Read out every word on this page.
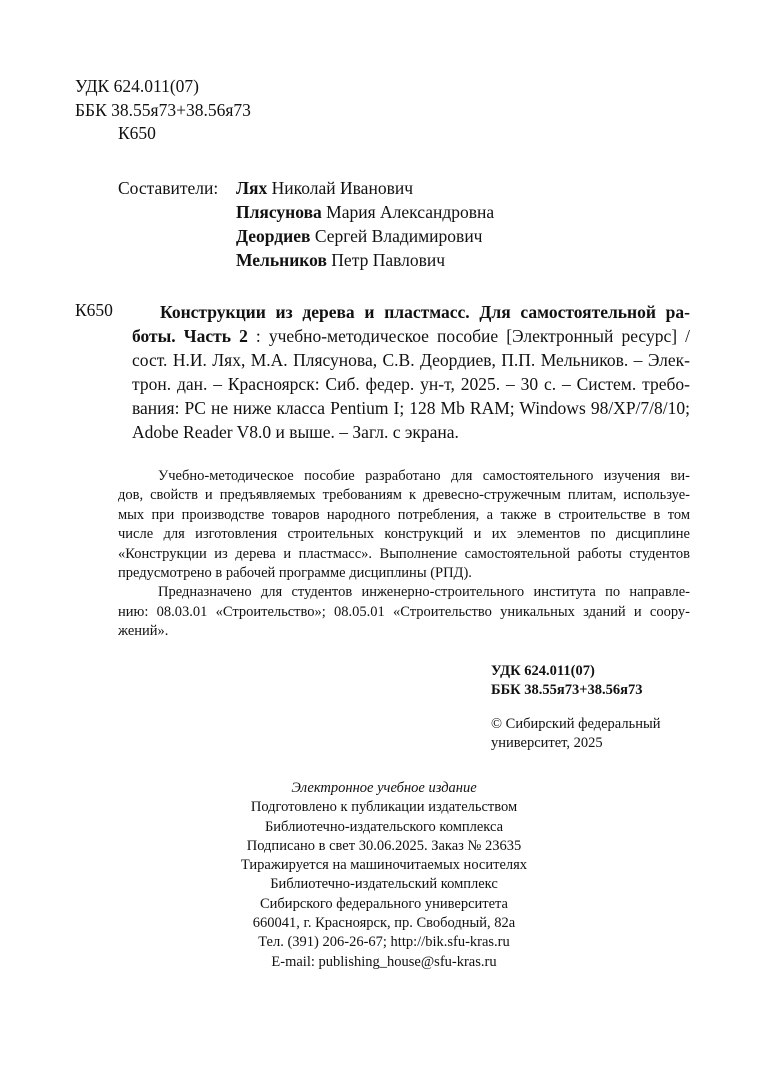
УДК 624.011(07)
ББК 38.55я73+38.56я73
К650
Составители: Лях Николай Иванович
Плясунова Мария Александровна
Деордиев Сергей Владимирович
Мельников Петр Павлович
К650	Конструкции из дерева и пластмасс. Для самостоятельной ра-
боты. Часть 2 : учебно-методическое пособие [Электронный ресурс] /
сост. Н.И. Лях, М.А. Плясунова, С.В. Деордиев, П.П. Мельников. – Элек-
трон. дан. – Красноярск: Сиб. федер. ун-т, 2025. – 30 с. – Систем. требо-
вания: PC не ниже класса Pentium I; 128 Mb RAM; Windows 98/XP/7/8/10;
Adobe Reader V8.0 и выше. – Загл. с экрана.
Учебно-методическое пособие разработано для самостоятельного изучения ви-
дов, свойств и предъявляемых требованиям к древесно-стружечным плитам, используе-
мых при производстве товаров народного потребления, а также в строительстве в том
числе для изготовления строительных конструкций и их элементов по дисциплине
«Конструкции из дерева и пластмасс». Выполнение самостоятельной работы студентов
предусмотрено в рабочей программе дисциплины (РПД).
Предназначено для студентов инженерно-строительного института по направле-
нию: 08.03.01 «Строительство»; 08.05.01 «Строительство уникальных зданий и соору-
жений».
УДК 624.011(07)
ББК 38.55я73+38.56я73
© Сибирский федеральный
университет, 2025
Электронное учебное издание
Подготовлено к публикации издательством
Библиотечно-издательского комплекса
Подписано в свет 30.06.2025. Заказ № 23635
Тиражируется на машиночитаемых носителях
Библиотечно-издательский комплекс
Сибирского федерального университета
660041, г. Красноярск, пр. Свободный, 82а
Тел. (391) 206-26-67; http://bik.sfu-kras.ru
E-mail: publishing_house@sfu-kras.ru
